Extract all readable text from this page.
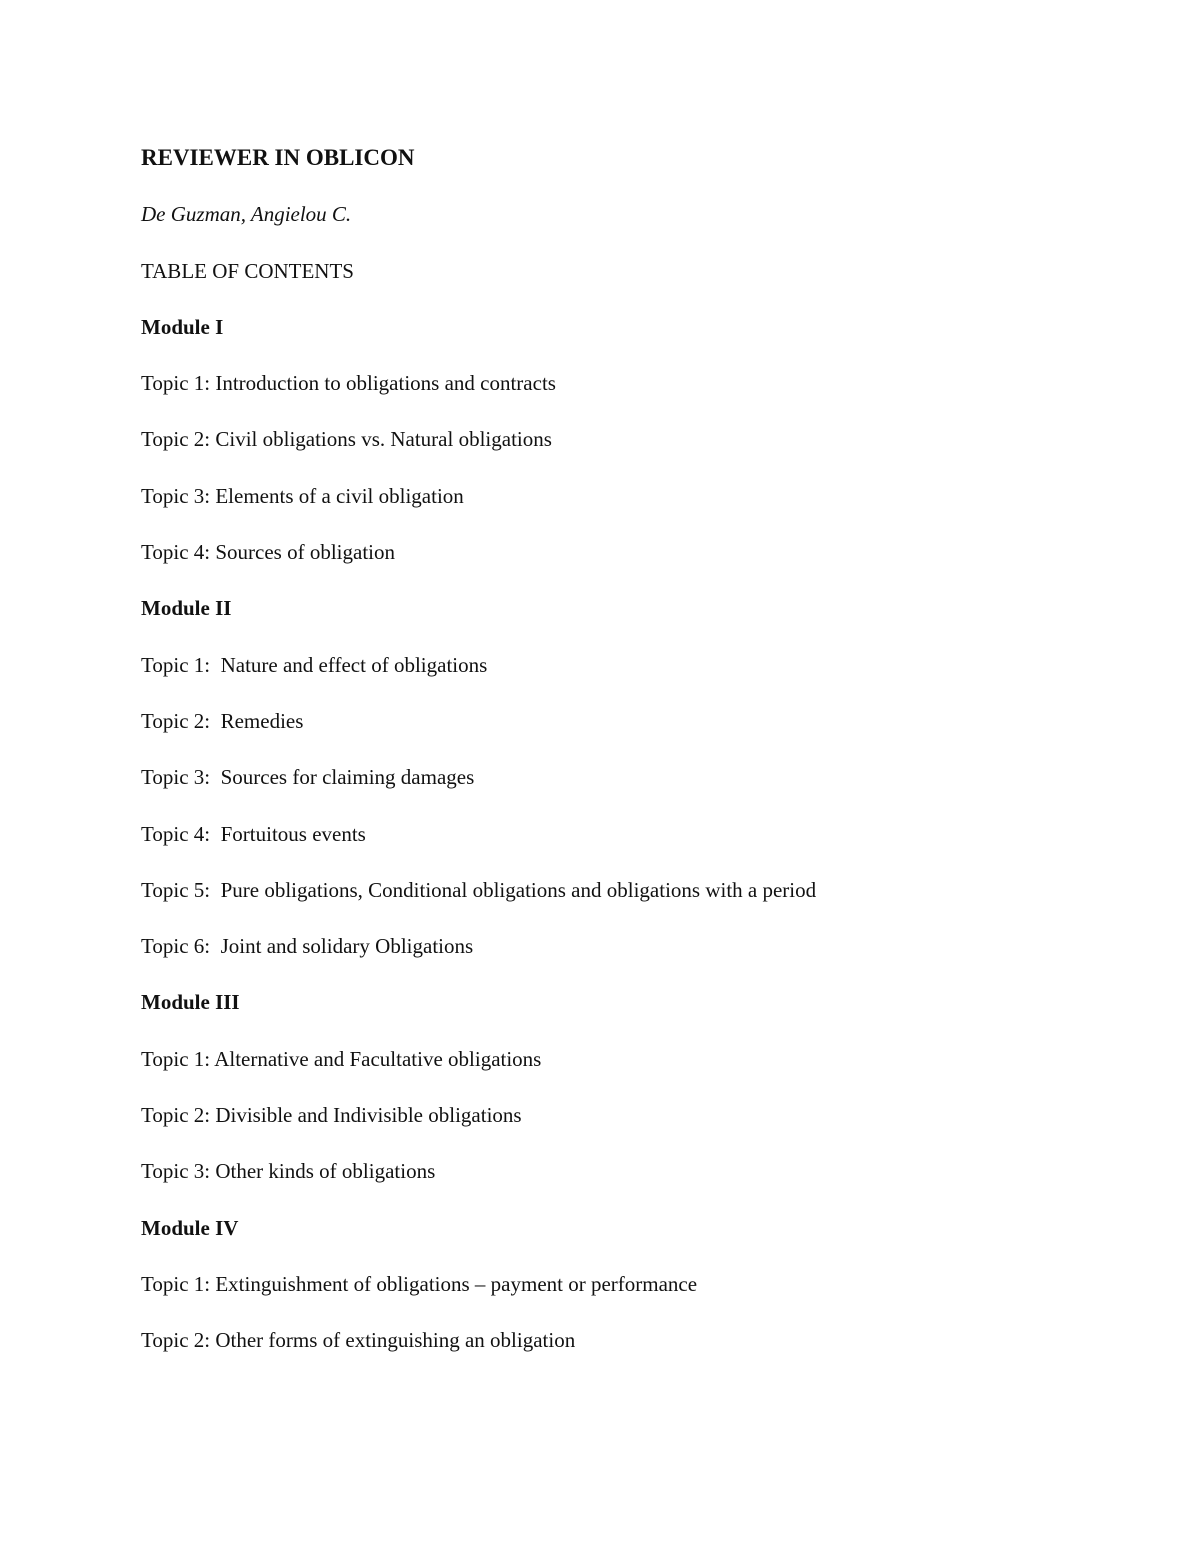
REVIEWER IN OBLICON

De Guzman, Angielou C.

TABLE OF CONTENTS

Module I

Topic 1: Introduction to obligations and contracts
Topic 2: Civil obligations vs. Natural obligations
Topic 3: Elements of a civil obligation
Topic 4: Sources of obligation

Module II

Topic 1:  Nature and effect of obligations
Topic 2:  Remedies
Topic 3:  Sources for claiming damages
Topic 4:  Fortuitous events
Topic 5:  Pure obligations, Conditional obligations and obligations with a period
Topic 6:  Joint and solidary Obligations

Module III

Topic 1: Alternative and Facultative obligations
Topic 2: Divisible and Indivisible obligations
Topic 3: Other kinds of obligations

Module IV

Topic 1: Extinguishment of obligations – payment or performance
Topic 2: Other forms of extinguishing an obligation
